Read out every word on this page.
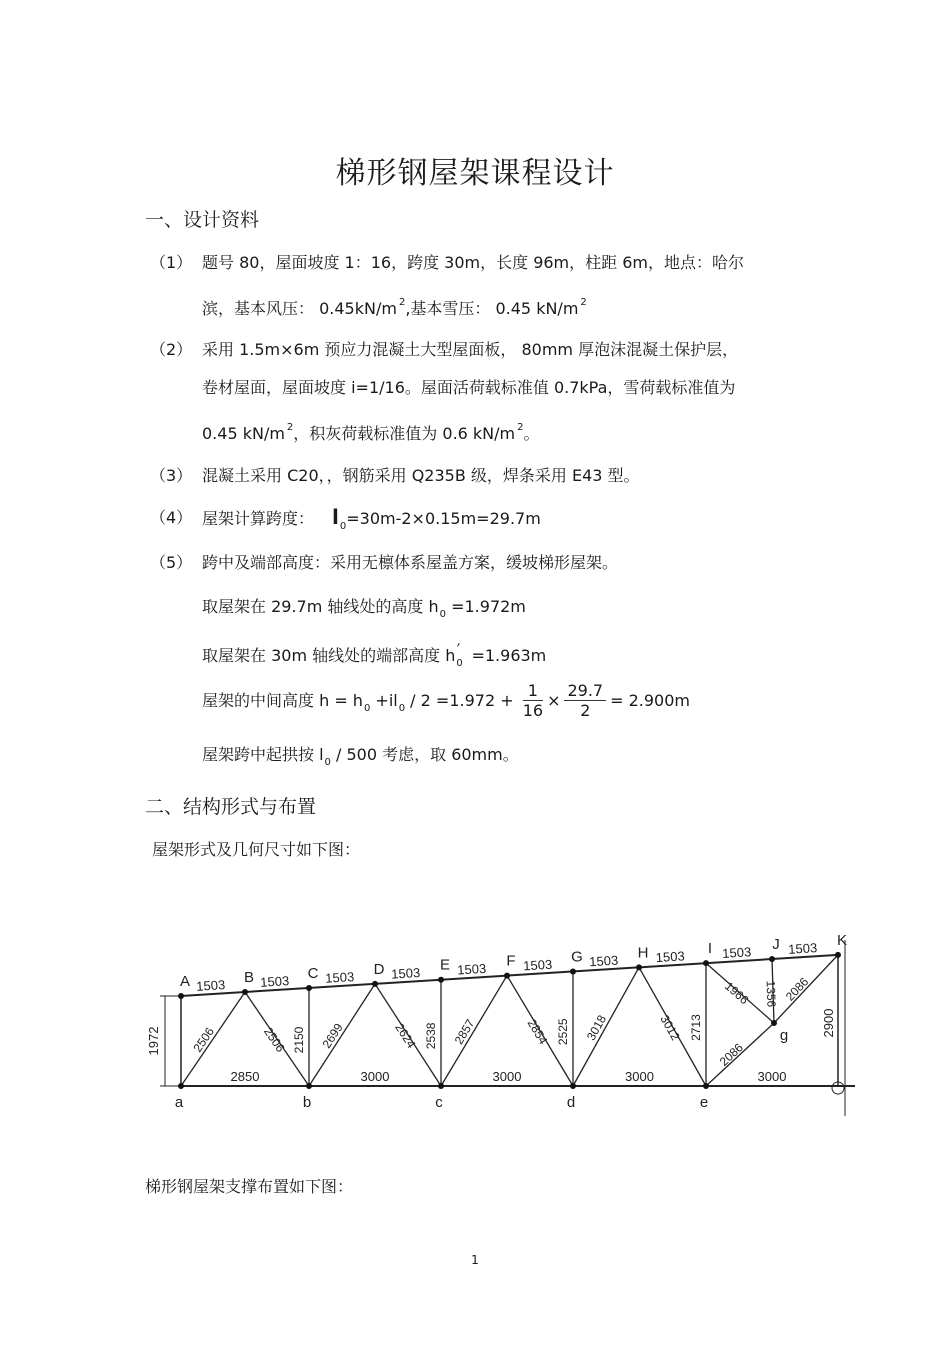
梯形钢屋架课程设计
一、设计资料
（1） 题号 80，屋面坡度 1：16，跨度 30m，长度 96m，柱距 6m，地点：哈尔
滨，基本风压： 0.45kN/m $^2$,基本雪压： 0.45 kN/m $^2$
（2） 采用 1.5m×6m 预应力混凝土大型屋面板， 80mm 厚泡沫混凝土保护层，
卷材屋面，屋面坡度 i=1/16。屋面活荷载标准值 0.7kPa，雪荷载标准值为
0.45 kN/m $^2$，积灰荷载标准值为 0.6 kN/m $^2$。
（3） 混凝土采用 C20，，钢筋采用 Q235B 级，焊条采用 E43 型。
（4） 屋架计算跨度： $l_0=30m-2\times 0.15m=29.7m$
（5） 跨中及端部高度：采用无檩体系屋盖方案，缓坡梯形屋架。
取屋架在 29.7m 轴线处的高度 $h_0 =1.972m$
取屋架在 30m 轴线处的端部高度 $h_0' =1.963m$
屋架的中间高度 $h = h_0 +il_0 / 2 =1.972 + \frac{1}{16} \times \frac{29.7}{2} = 2.900m$
屋架跨中起拱按 $l_0 / 500$ 考虑，取 60mm。
二、结构形式与布置
屋架形式及几何尺寸如下图：
2506	2506 2150 2699	2624 2538 2857	2854 2525 3018	3012 2713
1966 1356 2086
2086
1972
2900
A	B	C	D	E	F	G	H	I	J	K
a	b	c	d	e
g
1503	1503	1503	1503	1503	1503	1503	1503	1503	1503
2850	3000	3000	3000	3000
梯形钢屋架支撑布置如下图：
1
